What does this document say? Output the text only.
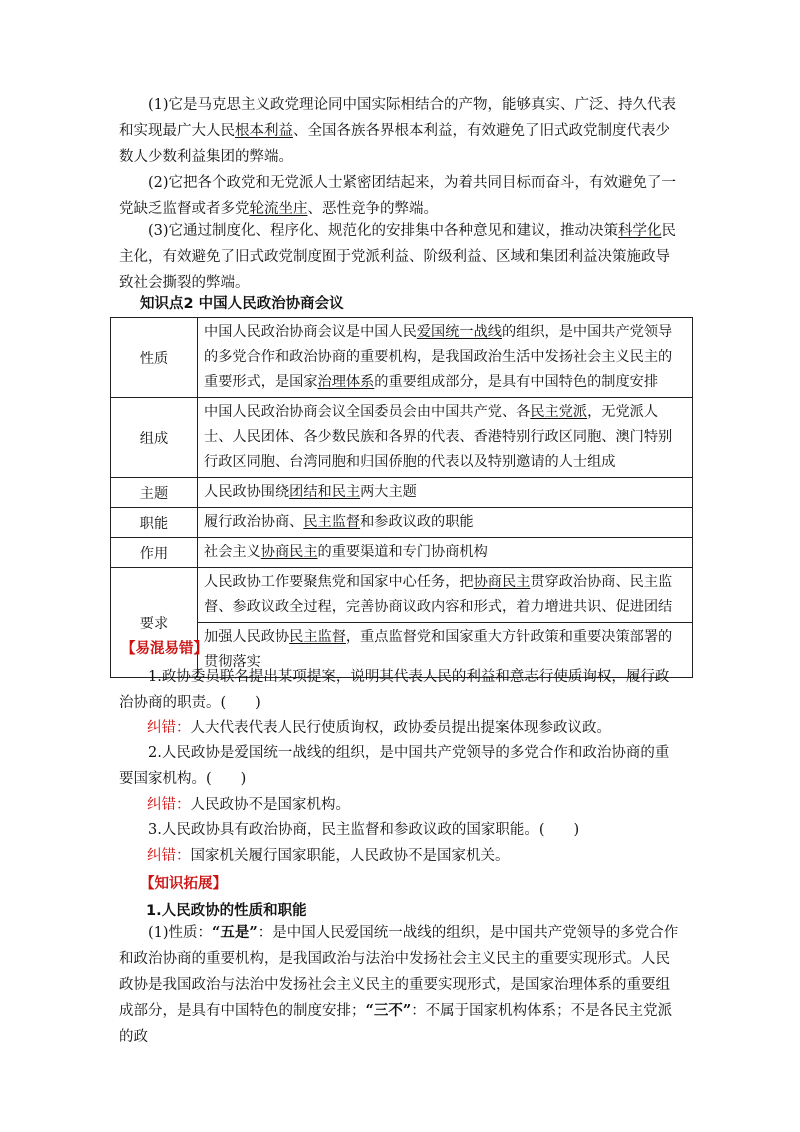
(1)它是马克思主义政党理论同中国实际相结合的产物，能够真实、广泛、持久代表和实现最广大人民根本利益、全国各族各界根本利益，有效避免了旧式政党制度代表少数人少数利益集团的弊端。

(2)它把各个政党和无党派人士紧密团结起来，为着共同目标而奋斗，有效避免了一党缺乏监督或者多党轮流坐庄、恶性竞争的弊端。

(3)它通过制度化、程序化、规范化的安排集中各种意见和建议，推动决策科学化民主化，有效避免了旧式政党制度囿于党派利益、阶级利益、区域和集团利益决策施政导致社会撕裂的弊端。

知识点2 中国人民政治协商会议
性质	中国人民政治协商会议是中国人民爱国统一战线的组织，是中国共产党领导的多党合作和政治协商的重要机构，是我国政治生活中发扬社会主义民主的重要形式，是国家治理体系的重要组成部分，是具有中国特色的制度安排
组成	中国人民政治协商会议全国委员会由中国共产党、各民主党派，无党派人士、人民团体、各少数民族和各界的代表、香港特别行政区同胞、澳门特别行政区同胞、台湾同胞和归国侨胞的代表以及特别邀请的人士组成
主题	人民政协围绕团结和民主两大主题
职能	履行政治协商、民主监督和参政议政的职能
作用	社会主义协商民主的重要渠道和专门协商机构
要求	人民政协工作要聚焦党和国家中心任务，把协商民主贯穿政治协商、民主监督、参政议政全过程，完善协商议政内容和形式，着力增进共识、促进团结
	加强人民政协民主监督，重点监督党和国家重大方针政策和重要决策部署的贯彻落实
【易混易错】

1.政协委员联名提出某项提案，说明其代表人民的利益和意志行使质询权，履行政治协商的职责。(　　)

纠错：人大代表代表人民行使质询权，政协委员提出提案体现参政议政。

2.人民政协是爱国统一战线的组织，是中国共产党领导的多党合作和政治协商的重要国家机构。(　　)

纠错：人民政协不是国家机构。

3.人民政协具有政治协商，民主监督和参政议政的国家职能。(　　)

纠错：国家机关履行国家职能，人民政协不是国家机关。

【知识拓展】
1.人民政协的性质和职能

(1)性质：“五是”：是中国人民爱国统一战线的组织，是中国共产党领导的多党合作和政治协商的重要机构，是我国政治与法治中发扬社会主义民主的重要实现形式。人民政协是我国政治与法治中发扬社会主义民主的重要实现形式，是国家治理体系的重要组成部分，是具有中国特色的制度安排；“三不”：不属于国家机构体系；不是各民主党派的政
